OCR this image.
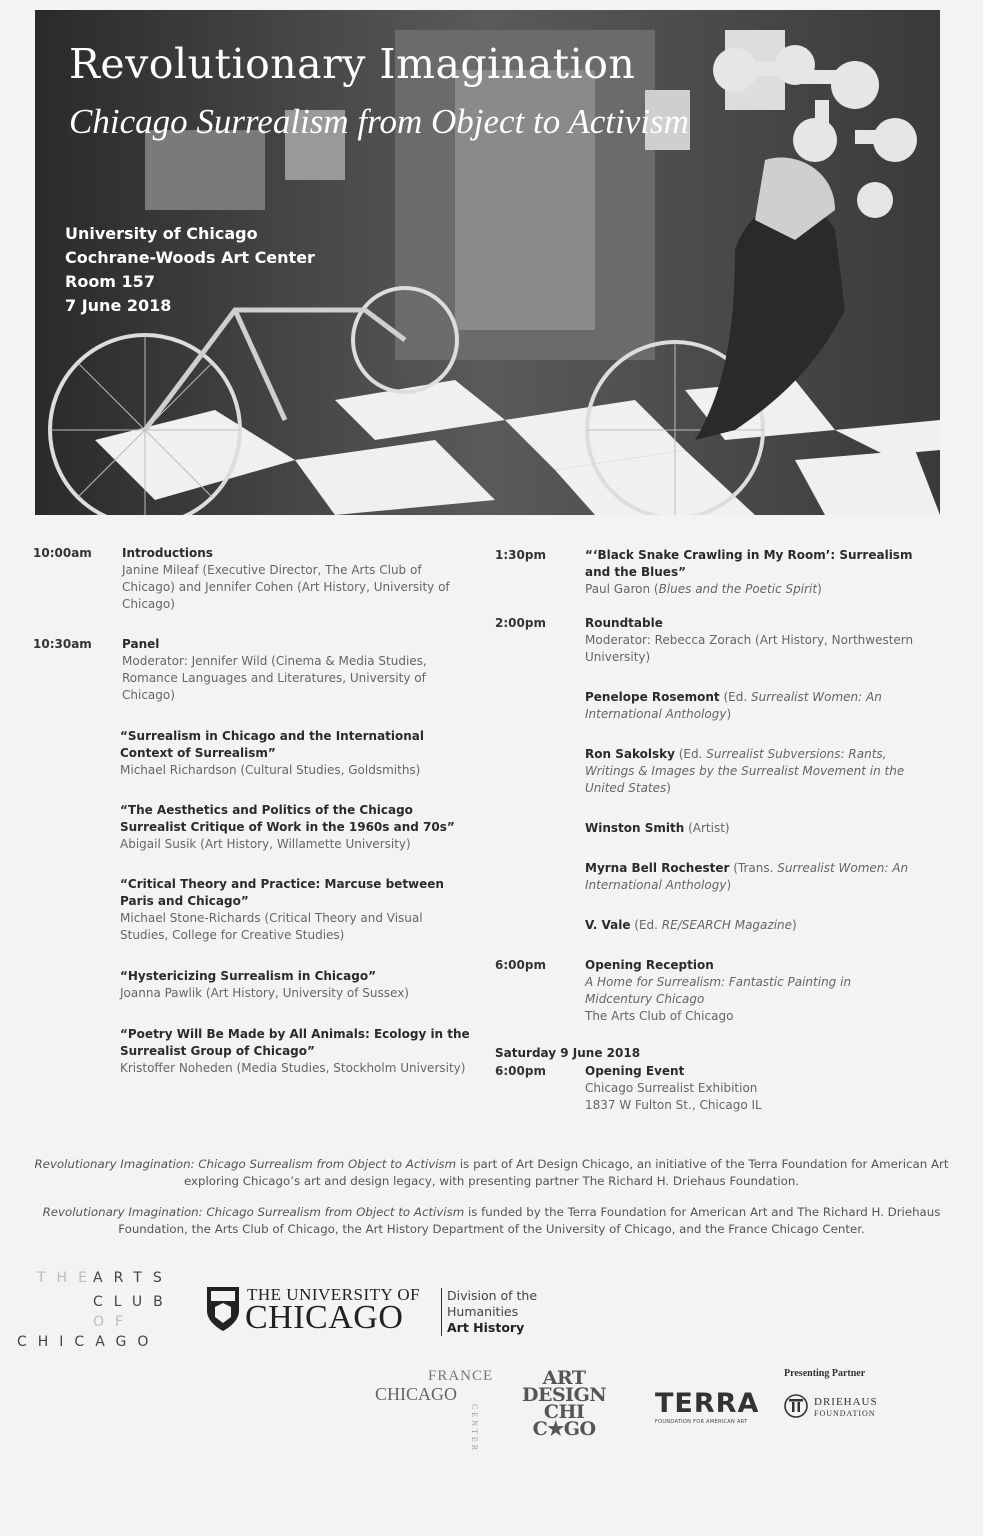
Revolutionary Imagination
Chicago Surrealism from Object to Activism
University of Chicago
Cochrane-Woods Art Center
Room 157
7 June 2018
10:00am	Introductions
Janine Mileaf (Executive Director, The Arts Club of Chicago) and Jennifer Cohen (Art History, University of Chicago)
10:30am	Panel
Moderator: Jennifer Wild (Cinema & Media Studies, Romance Languages and Literatures, University of Chicago)
“Surrealism in Chicago and the International Context of Surrealism”
Michael Richardson (Cultural Studies, Goldsmiths)
“The Aesthetics and Politics of the Chicago Surrealist Critique of Work in the 1960s and 70s”
Abigail Susik (Art History, Willamette University)
“Critical Theory and Practice: Marcuse between Paris and Chicago”
Michael Stone-Richards (Critical Theory and Visual Studies, College for Creative Studies)
“Hystericizing Surrealism in Chicago”
Joanna Pawlik (Art History, University of Sussex)
“Poetry Will Be Made by All Animals: Ecology in the Surrealist Group of Chicago”
Kristoffer Noheden (Media Studies, Stockholm University)
1:30pm	“‘Black Snake Crawling in My Room’: Surrealism and the Blues”
Paul Garon (Blues and the Poetic Spirit)
2:00pm	Roundtable
Moderator: Rebecca Zorach (Art History, Northwestern University)
Penelope Rosemont (Ed. Surrealist Women: An International Anthology)
Ron Sakolsky (Ed. Surrealist Subversions: Rants, Writings & Images by the Surrealist Movement in the United States)
Winston Smith (Artist)
Myrna Bell Rochester (Trans. Surrealist Women: An International Anthology)
V. Vale (Ed. RE/SEARCH Magazine)
6:00pm	Opening Reception
A Home for Surrealism: Fantastic Painting in Midcentury Chicago
The Arts Club of Chicago
Saturday 9 June 2018
6:00pm	Opening Event
Chicago Surrealist Exhibition
1837 W Fulton St., Chicago IL
Revolutionary Imagination: Chicago Surrealism from Object to Activism is part of Art Design Chicago, an initiative of the Terra Foundation for American Art exploring Chicago’s art and design legacy, with presenting partner The Richard H. Driehaus Foundation.
Revolutionary Imagination: Chicago Surrealism from Object to Activism is funded by the Terra Foundation for American Art and The Richard H. Driehaus Foundation, the Arts Club of Chicago, the Art History Department of the University of Chicago, and the France Chicago Center.
THE
ARTS
CLUB
OF
CHICAGO
THE UNIVERSITY OF
CHICAGO
Division of the
Humanities
Art History
FRANCE
CHICAGO
CENTER
ART
DESIGN
CHI
C★GO
TERRA
FOUNDATION FOR AMERICAN ART
Presenting Partner
DRIEHAUS
FOUNDATION
